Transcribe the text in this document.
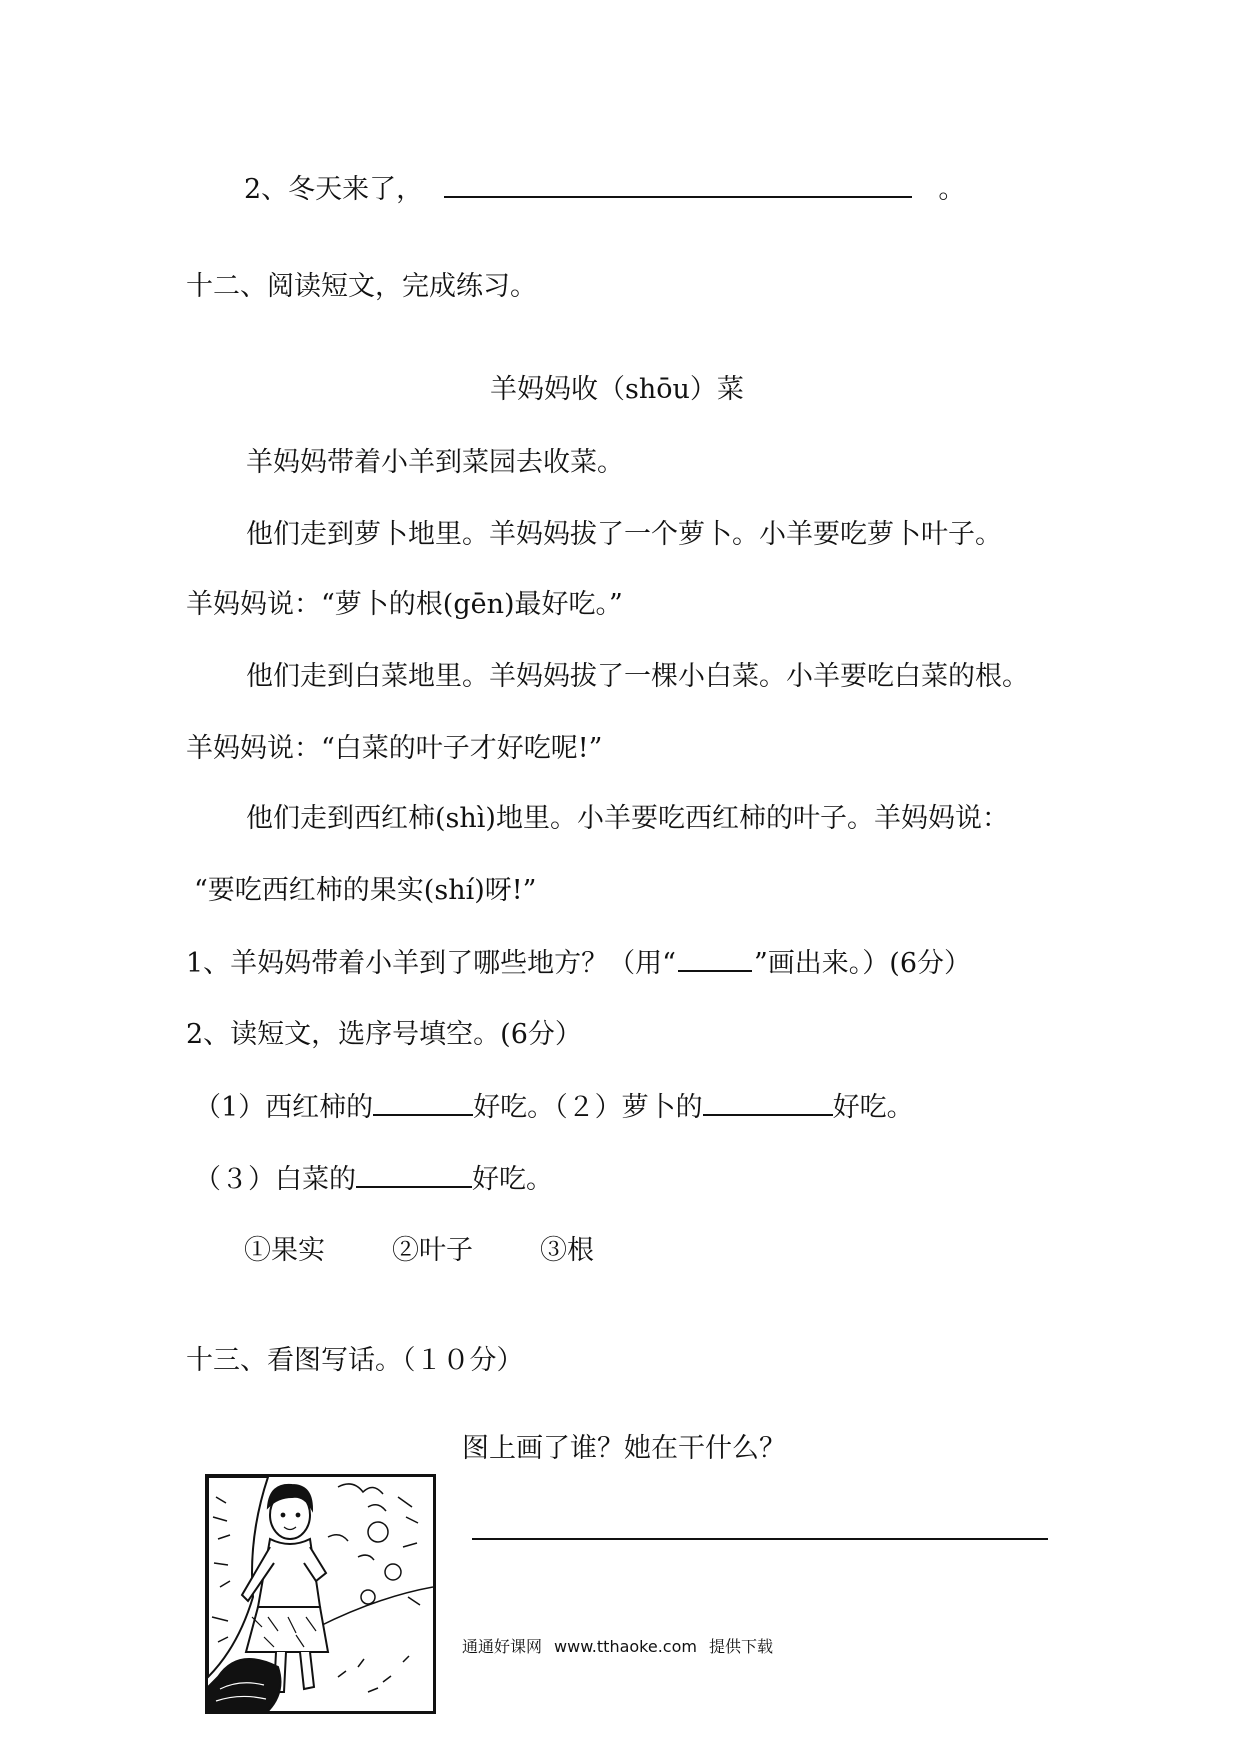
2、冬天来了，	。
十二、阅读短文，完成练习。
羊妈妈收（shōu）菜
羊妈妈带着小羊到菜园去收菜。
他们走到萝卜地里。羊妈妈拔了一个萝卜。小羊要吃萝卜叶子。
羊妈妈说：“萝卜的根(gēn)最好吃。”
他们走到白菜地里。羊妈妈拔了一棵小白菜。小羊要吃白菜的根。
羊妈妈说：“白菜的叶子才好吃呢!”
他们走到西红柿(shì)地里。小羊要吃西红柿的叶子。羊妈妈说：
“要吃西红柿的果实(shí)呀!”
1、羊妈妈带着小羊到了哪些地方？（用“	”画出来。）(6分）
2、读短文，选序号填空。(6分）
（1）西红柿的	好吃。（２）萝卜的	好吃。
（３）白菜的	好吃。
①果实 ②叶子 ③根
十三、看图写话。（１０分）
图上画了谁？她在干什么？
通通好课网 www.tthaoke.com 提供下载
